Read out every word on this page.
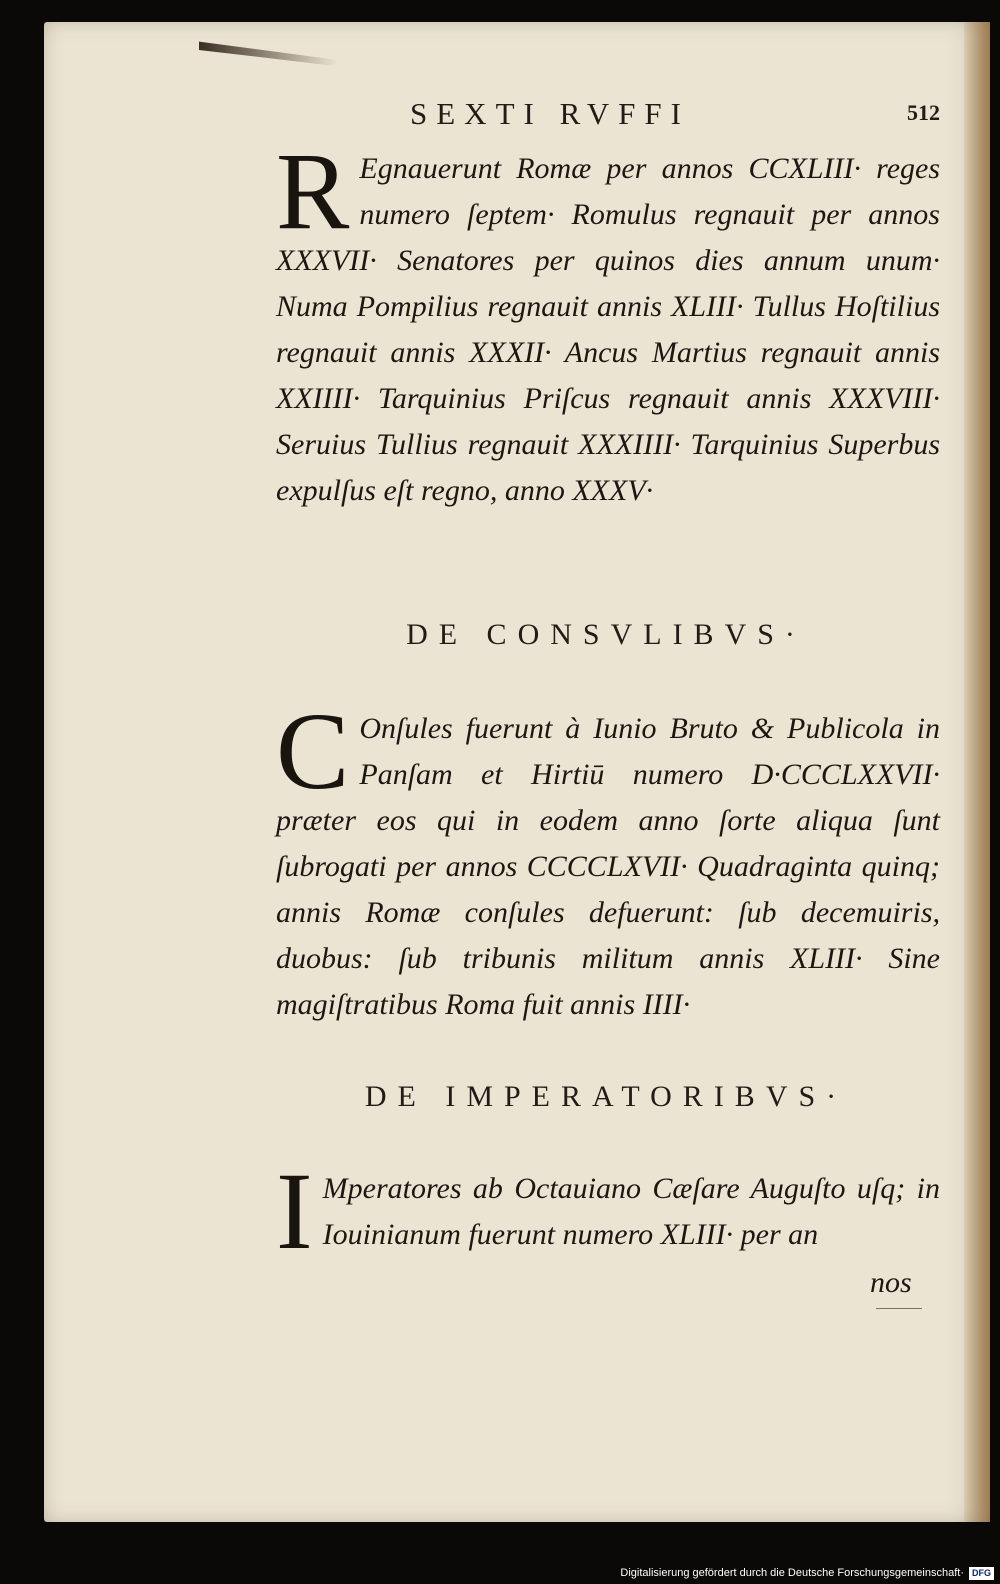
SEXTI RVFFI	512

R Egnauerunt Romæ per annos CCXLIII· reges numero ſeptem· Romulus regnauit per annos XXXVII· Senatores per quinos dies annum unum· Numa Pompilius regnauit annis XLIII· Tullus Hoſtilius regnauit annis XXXII· Ancus Martius regnauit annis XXIIII· Tarquinius Priſcus regnauit annis XXXVIII· Seruius Tullius regnauit XXXIIII· Tarquinius Superbus expulſus eſt regno, anno XXXV·

DE CONSVLIBVS·

C Onſules fuerunt à Iunio Bruto & Publicola in Panſam et Hirtiū numero D·CCCLXXVII· præter eos qui in eodem anno ſorte aliqua ſunt ſubrogati per annos CCCCLXVII· Quadraginta quinq; annis Romæ conſules defuerunt: ſub decemuiris, duobus: ſub tribunis militum annis XLIII· Sine magiſtratibus Roma fuit annis IIII·

DE IMPERATORIBVS·

I Mperatores ab Octauiano Cæſare Auguſto uſq; in Iouinianum fuerunt numero XLIII· per an

nos
Digitalisierung gefördert durch die Deutsche Forschungsgemeinschaft· DFG
